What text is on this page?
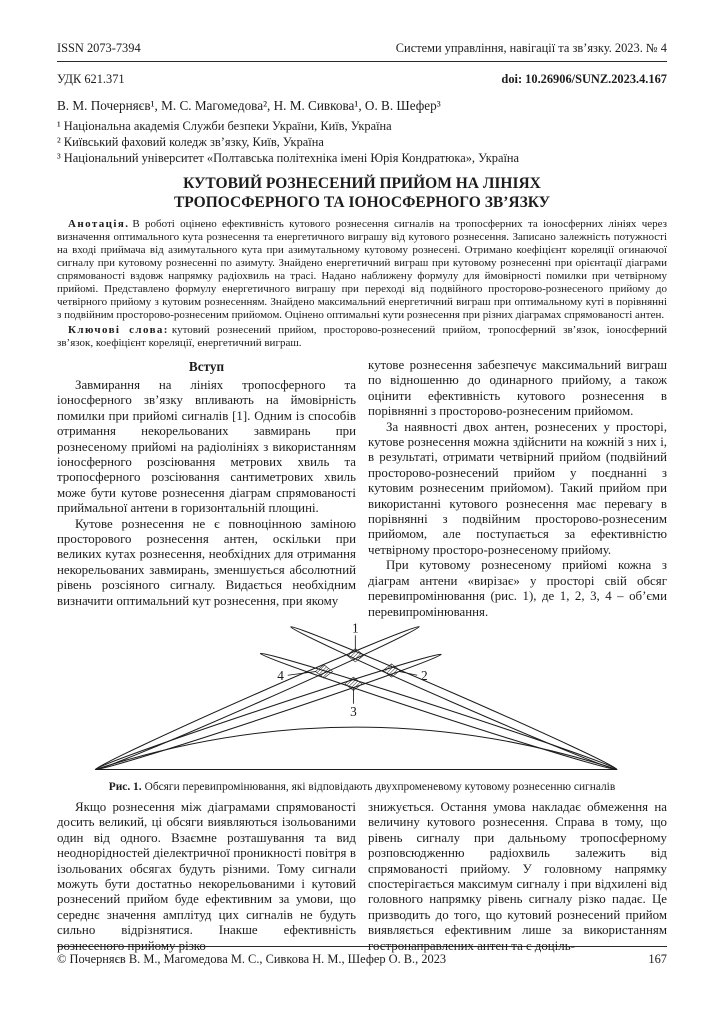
ISSN 2073-7394	Системи управління, навігації та зв’язку. 2023. № 4
УДК 621.371	doi: 10.26906/SUNZ.2023.4.167
В. М. Почерняєв¹, М. С. Магомедова², Н. М. Сивкова¹, О. В. Шефер³
¹ Національна академія Служби безпеки України, Київ, Україна
² Київський фаховий коледж зв’язку, Київ, Україна
³ Національний університет «Полтавська політехніка імені Юрія Кондратюка», Україна
КУТОВИЙ РОЗНЕСЕНИЙ ПРИЙОМ НА ЛІНІЯХ
ТРОПОСФЕРНОГО ТА ІОНОСФЕРНОГО ЗВ’ЯЗКУ

Анотація. В роботі оцінено ефективність кутового рознесення сигналів на тропосферних та іоносферних лініях через визначення оптимального кута рознесення та енергетичного виграшу від кутового рознесення. Записано залежність потужності на вході приймача від азимутального кута при азимутальному кутовому рознесені. Отримано коефіцієнт кореляції огинаючої сигналу при кутовому рознесенні по азимуту. Знайдено енергетичний виграш при кутовому рознесенні при орієнтації діаграми спрямованості вздовж напрямку радіохвиль на трасі. Надано наближену формулу для ймовірності помилки при четвірному прийомі. Представлено формулу енергетичного виграшу при переході від подвійного просторово-рознесеного прийому до четвірного прийому з кутовим рознесенням. Знайдено максимальний енергетичний виграш при оптимальному куті в порівнянні з подвійним просторово-рознесеним прийомом. Оцінено оптимальні кути рознесення при різних діаграмах спрямованості антен.

Ключові слова: кутовий рознесений прийом, просторово-рознесений прийом, тропосферний зв’язок, іоносферний зв’язок, коефіцієнт кореляції, енергетичний виграш.

Вступ

Завмирання на лініях тропосферного та іоносферного зв’язку впливають на ймовірність помилки при прийомі сигналів [1]. Одним із способів отримання некорельованих завмирань при рознесеному прийомі на радіолініях з використанням іоносферного розсіювання метрових хвиль та тропосферного розсіювання сантиметрових хвиль може бути кутове рознесення діаграм спрямованості приймальної антени в горизонтальній площині.

Кутове рознесення не є повноцінною заміною просторового рознесення антен, оскільки при великих кутах рознесення, необхідних для отримання некорельованих завмирань, зменшується абсолютний рівень розсіяного сигналу. Видається необхідним визначити оптимальний кут рознесення, при якому

кутове рознесення забезпечує максимальний виграш по відношенню до одинарного прийому, а також оцінити ефективність кутового рознесення в порівнянні з просторово-рознесеним прийомом.

За наявності двох антен, рознесених у просторі, кутове рознесення можна здійснити на кожній з них і, в результаті, отримати четвірний прийом (подвійний просторово-рознесений прийом у поєднанні з кутовим рознесеним прийомом). Такий прийом при використанні кутового рознесення має перевагу в порівнянні з подвійним просторово-рознесеним прийомом, але поступається за ефективністю четвірному просторо-рознесеному прийому.

При кутовому рознесеному прийомі кожна з діаграм антени «вирізає» у просторі свій обсяг перевипромінювання (рис. 1), де 1, 2, 3, 4 – об’єми перевипромінювання.

1
2
3
4
Рис. 1. Обсяги перевипромінювання, які відповідають двухпроменевому кутовому рознесенню сигналів

Якщо рознесення між діаграмами спрямованості досить великий, ці обсяги виявляються ізольованими один від одного. Взаємне розташування та вид неоднорідностей діелектричної проникності повітря в ізольованих обсягах будуть різними. Тому сигнали можуть бути достатньо некорельованими і кутовий рознесений прийом буде ефективним за умови, що середнє значення амплітуд цих сигналів не будуть сильно відрізнятися. Інакше ефективність рознесеного прийому різко

знижується. Остання умова накладає обмеження на величину кутового рознесення. Справа в тому, що рівень сигналу при дальньому тропосферному розповсюдженню радіохвиль залежить від спрямованості прийому. У головному напрямку спостерігається максимум сигналу і при відхилені від головного напрямку рівень сигналу різко падає. Це призводить до того, що кутовий рознесений прийом виявляється ефективним лише за використанням гостронаправлених антен та є доціль-

© Почерняєв В. М., Магомедова М. С., Сивкова Н. М., Шефер О. В., 2023	167
